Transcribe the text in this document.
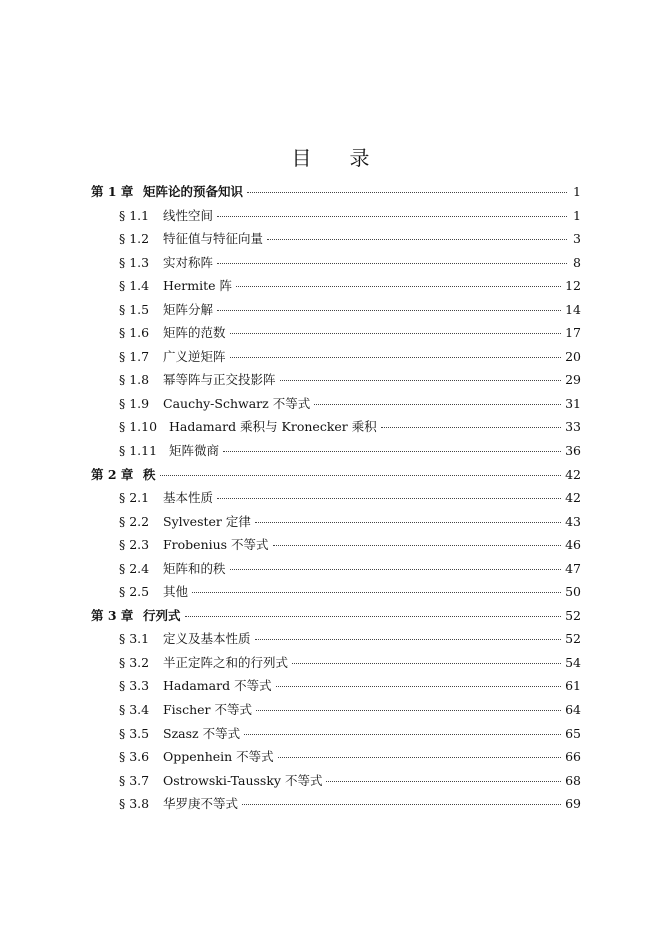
目 录
第 1 章 矩阵论的预备知识	1
§ 1.1	线性空间	1
§ 1.2	特征值与特征向量	3
§ 1.3	实对称阵	8
§ 1.4	Hermite 阵	12
§ 1.5	矩阵分解	14
§ 1.6	矩阵的范数	17
§ 1.7	广义逆矩阵	20
§ 1.8	幂等阵与正交投影阵	29
§ 1.9	Cauchy-Schwarz 不等式	31
§ 1.10 Hadamard 乘积与 Kronecker 乘积	33
§ 1.11 矩阵微商	36
第 2 章 秩	42
§ 2.1	基本性质	42
§ 2.2	Sylvester 定律	43
§ 2.3	Frobenius 不等式	46
§ 2.4	矩阵和的秩	47
§ 2.5	其他	50
第 3 章 行列式	52
§ 3.1	定义及基本性质	52
§ 3.2	半正定阵之和的行列式	54
§ 3.3	Hadamard 不等式	61
§ 3.4	Fischer 不等式	64
§ 3.5	Szasz 不等式	65
§ 3.6	Oppenhein 不等式	66
§ 3.7	Ostrowski-Taussky 不等式	68
§ 3.8	华罗庚不等式	69
